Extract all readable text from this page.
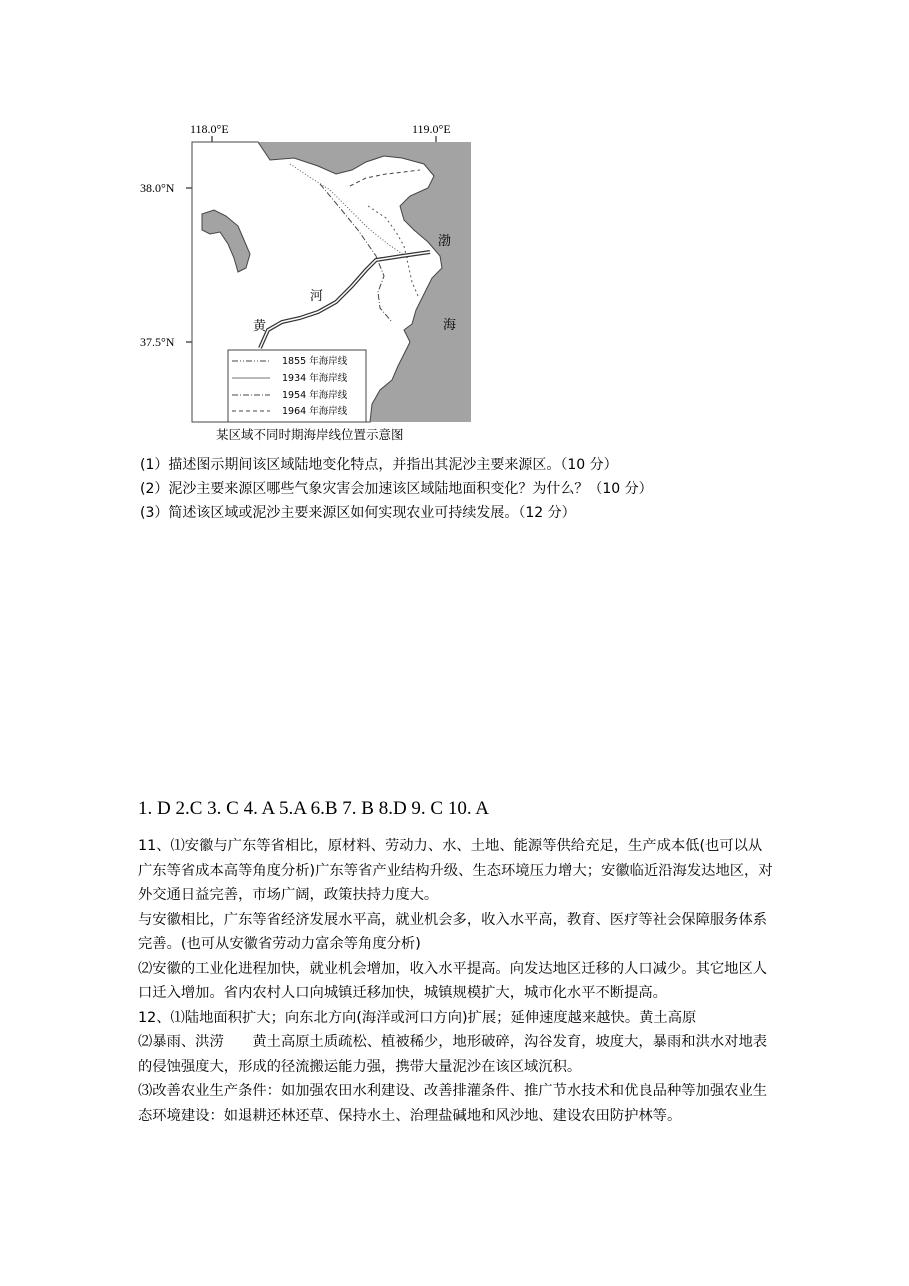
118.0°E	119.0°E
38.0°N
37.5°N
渤
海
河
黄
1855 年海岸线
1934 年海岸线
1954 年海岸线
1964 年海岸线
某区域不同时期海岸线位置示意图
(1）描述图示期间该区域陆地变化特点，并指出其泥沙主要来源区。（10 分）
(2）泥沙主要来源区哪些气象灾害会加速该区域陆地面积变化？为什么？（10 分）
(3）简述该区域或泥沙主要来源区如何实现农业可持续发展。（12 分）
1. D 2.C 3. C 4. A 5.A 6.B 7. B 8.D 9. C 10. A

11、⑴安徽与广东等省相比，原材料、劳动力、水、土地、能源等供给充足，生产成本低(也可以从广东等省成本高等角度分析)广东等省产业结构升级、生态环境压力增大；安徽临近沿海发达地区，对外交通日益完善，市场广阔，政策扶持力度大。

与安徽相比，广东等省经济发展水平高，就业机会多，收入水平高，教育、医疗等社会保障服务体系完善。(也可从安徽省劳动力富余等角度分析)

⑵安徽的工业化进程加快，就业机会增加，收入水平提高。向发达地区迁移的人口减少。其它地区人口迁入增加。省内农村人口向城镇迁移加快，城镇规模扩大，城市化水平不断提高。

12、⑴陆地面积扩大；向东北方向(海洋或河口方向)扩展；延伸速度越来越快。黄土高原

⑵暴雨、洪涝　　黄土高原土质疏松、植被稀少，地形破碎，沟谷发育，坡度大，暴雨和洪水对地表的侵蚀强度大，形成的径流搬运能力强，携带大量泥沙在该区域沉积。

⑶改善农业生产条件：如加强农田水利建设、改善排灌条件、推广节水技术和优良品种等加强农业生态环境建设：如退耕还林还草、保持水土、治理盐碱地和风沙地、建设农田防护林等。
